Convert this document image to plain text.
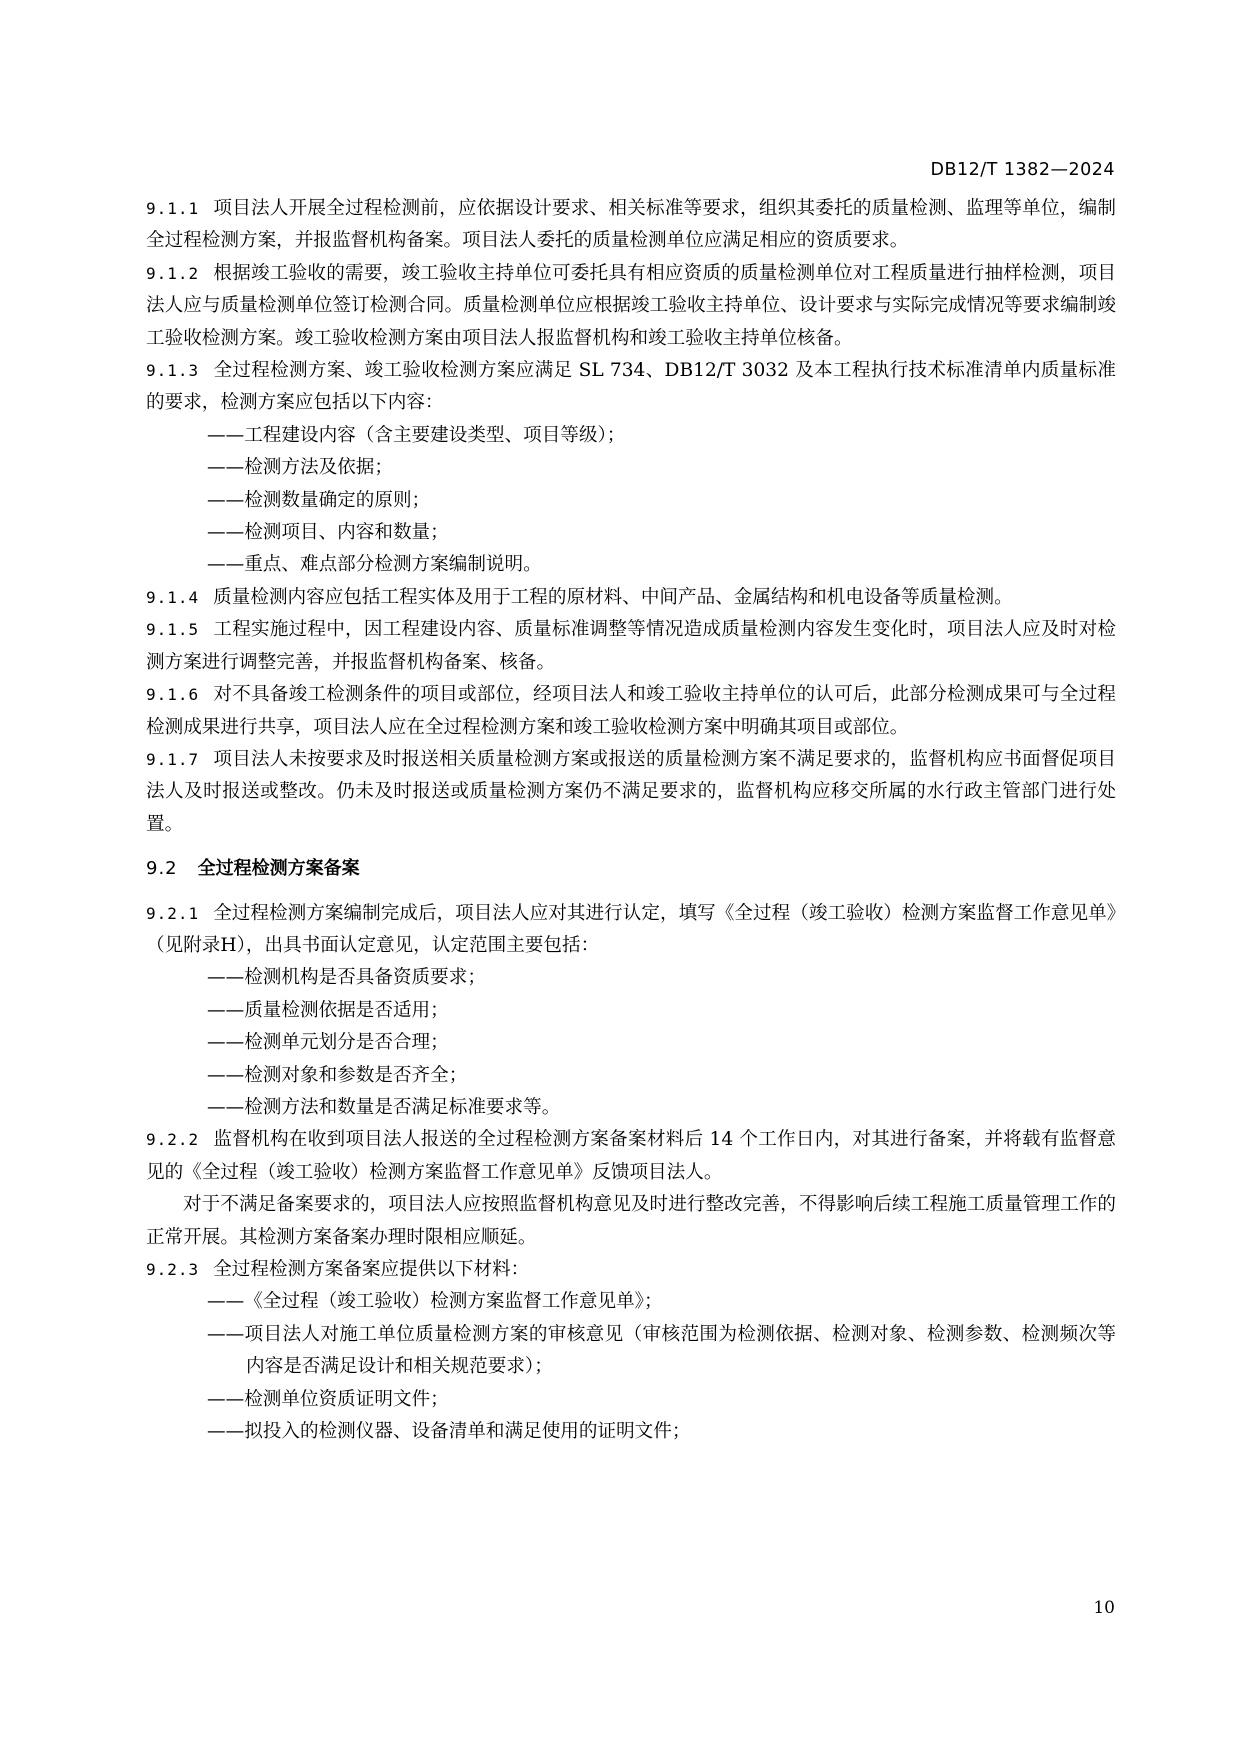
DB12/T 1382—2024

9.1.1 项目法人开展全过程检测前，应依据设计要求、相关标准等要求，组织其委托的质量检测、监理等单位，编制全过程检测方案，并报监督机构备案。项目法人委托的质量检测单位应满足相应的资质要求。

9.1.2 根据竣工验收的需要，竣工验收主持单位可委托具有相应资质的质量检测单位对工程质量进行抽样检测，项目法人应与质量检测单位签订检测合同。质量检测单位应根据竣工验收主持单位、设计要求与实际完成情况等要求编制竣工验收检测方案。竣工验收检测方案由项目法人报监督机构和竣工验收主持单位核备。

9.1.3 全过程检测方案、竣工验收检测方案应满足 SL 734、DB12/T 3032 及本工程执行技术标准清单内质量标准的要求，检测方案应包括以下内容：

——工程建设内容（含主要建设类型、项目等级）；

——检测方法及依据；

——检测数量确定的原则；

——检测项目、内容和数量；

——重点、难点部分检测方案编制说明。

9.1.4 质量检测内容应包括工程实体及用于工程的原材料、中间产品、金属结构和机电设备等质量检测。

9.1.5 工程实施过程中，因工程建设内容、质量标准调整等情况造成质量检测内容发生变化时，项目法人应及时对检测方案进行调整完善，并报监督机构备案、核备。

9.1.6 对不具备竣工检测条件的项目或部位，经项目法人和竣工验收主持单位的认可后，此部分检测成果可与全过程检测成果进行共享，项目法人应在全过程检测方案和竣工验收检测方案中明确其项目或部位。

9.1.7 项目法人未按要求及时报送相关质量检测方案或报送的质量检测方案不满足要求的，监督机构应书面督促项目法人及时报送或整改。仍未及时报送或质量检测方案仍不满足要求的，监督机构应移交所属的水行政主管部门进行处置。

9.2 全过程检测方案备案

9.2.1 全过程检测方案编制完成后，项目法人应对其进行认定，填写《全过程（竣工验收）检测方案监督工作意见单》（见附录H），出具书面认定意见，认定范围主要包括：

——检测机构是否具备资质要求；

——质量检测依据是否适用；

——检测单元划分是否合理；

——检测对象和参数是否齐全；

——检测方法和数量是否满足标准要求等。

9.2.2 监督机构在收到项目法人报送的全过程检测方案备案材料后 14 个工作日内，对其进行备案，并将载有监督意见的《全过程（竣工验收）检测方案监督工作意见单》反馈项目法人。

对于不满足备案要求的，项目法人应按照监督机构意见及时进行整改完善，不得影响后续工程施工质量管理工作的正常开展。其检测方案备案办理时限相应顺延。

9.2.3 全过程检测方案备案应提供以下材料：

——《全过程（竣工验收）检测方案监督工作意见单》；

——项目法人对施工单位质量检测方案的审核意见（审核范围为检测依据、检测对象、检测参数、检测频次等内容是否满足设计和相关规范要求）；

——检测单位资质证明文件；

——拟投入的检测仪器、设备清单和满足使用的证明文件；

10
